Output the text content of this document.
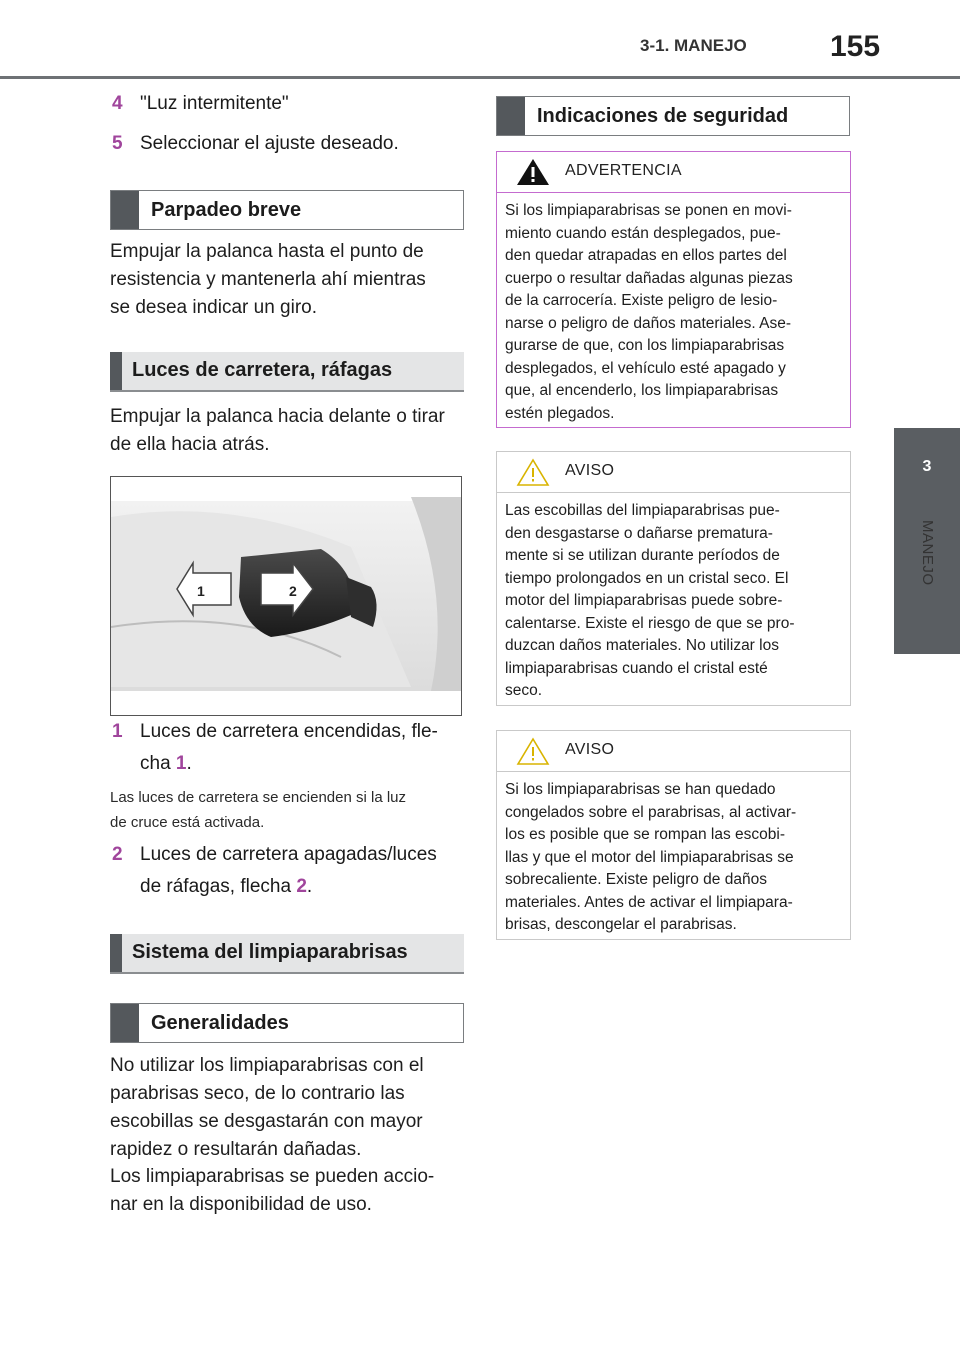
3-1. MANEJO	155
3
MANEJO
4 "Luz intermitente"
5 Seleccionar el ajuste deseado.
Parpadeo breve
Empujar la palanca hasta el punto de
resistencia y mantenerla ahí mientras
se desea indicar un giro.
Luces de carretera, ráfagas
Empujar la palanca hacia delante o tirar
de ella hacia atrás.
1	2
1 Luces de carretera encendidas, fle-
cha 1.
Las luces de carretera se encienden si la luz
de cruce está activada.
2 Luces de carretera apagadas/luces
de ráfagas, flecha 2.
Sistema del limpiaparabrisas
Generalidades
No utilizar los limpiaparabrisas con el
parabrisas seco, de lo contrario las
escobillas se desgastarán con mayor
rapidez o resultarán dañadas.
Los limpiaparabrisas se pueden accio-
nar en la disponibilidad de uso.
Indicaciones de seguridad
ADVERTENCIA
Si los limpiaparabrisas se ponen en movi-
miento cuando están desplegados, pue-
den quedar atrapadas en ellos partes del
cuerpo o resultar dañadas algunas piezas
de la carrocería. Existe peligro de lesio-
narse o peligro de daños materiales. Ase-
gurarse de que, con los limpiaparabrisas
desplegados, el vehículo esté apagado y
que, al encenderlo, los limpiaparabrisas
estén plegados.
AVISO
Las escobillas del limpiaparabrisas pue-
den desgastarse o dañarse prematura-
mente si se utilizan durante períodos de
tiempo prolongados en un cristal seco. El
motor del limpiaparabrisas puede sobre-
calentarse. Existe el riesgo de que se pro-
duzcan daños materiales. No utilizar los
limpiaparabrisas cuando el cristal esté
seco.
AVISO
Si los limpiaparabrisas se han quedado
congelados sobre el parabrisas, al activar-
los es posible que se rompan las escobi-
llas y que el motor del limpiaparabrisas se
sobrecaliente. Existe peligro de daños
materiales. Antes de activar el limpiapara-
brisas, descongelar el parabrisas.
